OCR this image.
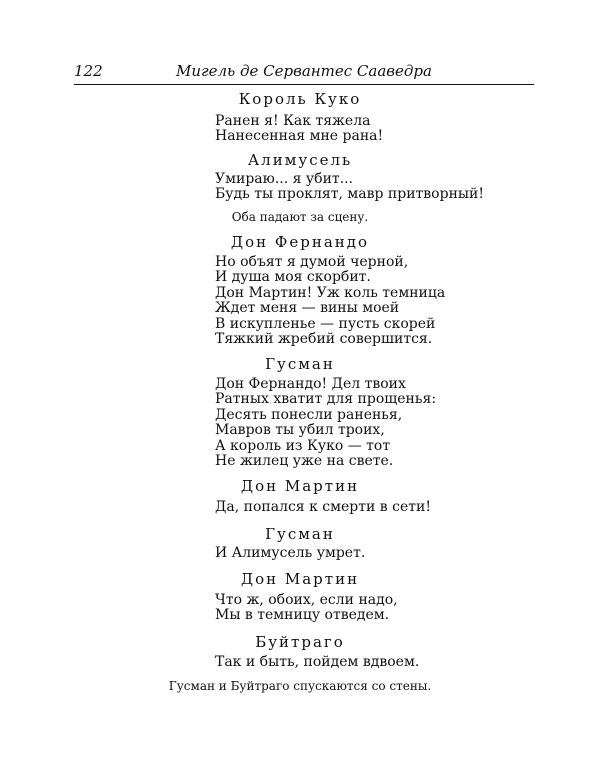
122	Мигель де Сервантес Сааведра
Король Куко
Ранен я! Как тяжела
Нанесенная мне рана!
Алимусель
Умираю... я убит...
Будь ты проклят, мавр притворный!
Оба падают за сцену.
Дон Фернандо
Но объят я думой черной,
И душа моя скорбит.
Дон Мартин! Уж коль темница
Ждет меня — вины моей
В искупленье — пусть скорей
Тяжкий жребий совершится.
Гусман
Дон Фернандо! Дел твоих
Ратных хватит для прощенья:
Десять понесли раненья,
Мавров ты убил троих,
А король из Куко — тот
Не жилец уже на свете.
Дон Мартин
Да, попался к смерти в сети!
Гусман
И Алимусель умрет.
Дон Мартин
Что ж, обоих, если надо,
Мы в темницу отведем.
Буйтраго
Так и быть, пойдем вдвоем.
Гусман и Буйтраго спускаются со стены.
